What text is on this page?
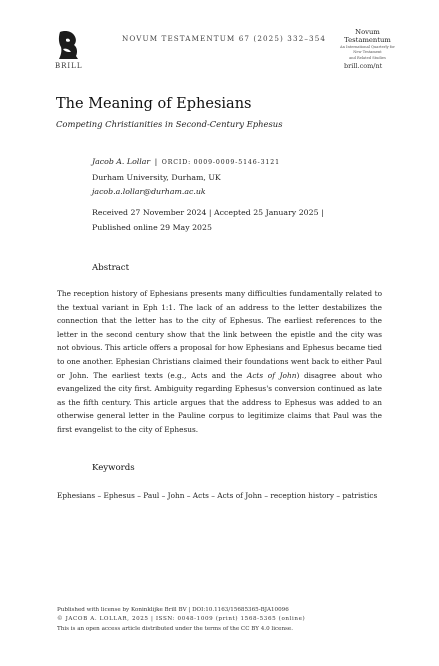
BRILL
NOVUM TESTAMENTUM 67 (2025) 332–354
Novum
Testamentum
An International Quarterly for
New Testament
and Related Studies
brill.com/nt
The Meaning of Ephesians
Competing Christianities in Second-Century Ephesus
Jacob A. Lollar | ORCID: 0009-0009-5146-3121
Durham University, Durham, UK
jacob.a.lollar@durham.ac.uk
Received 27 November 2024 | Accepted 25 January 2025 |
Published online 29 May 2025
Abstract
The reception history of Ephesians presents many difficulties fundamentally related to the textual variant in Eph 1:1. The lack of an address to the letter destabilizes the connection that the letter has to the city of Ephesus. The earliest references to the letter in the second century show that the link between the epistle and the city was not obvious. This article offers a proposal for how Ephesians and Ephesus became tied to one another. Ephesian Christians claimed their foundations went back to either Paul or John. The earliest texts (e.g., Acts and the Acts of John) disagree about who evangelized the city first. Ambiguity regarding Ephesus's conversion continued as late as the fifth century. This article argues that the address to Ephesus was added to an otherwise general letter in the Pauline corpus to legitimize claims that Paul was the first evangelist to the city of Ephesus.
Keywords
Ephesians – Ephesus – Paul – John – Acts – Acts of John – reception history – patristics
Published with license by Koninklijke Brill BV | DOI:10.1163/15685365-BJA10096
© JACOB A. LOLLAR, 2025 | ISSN: 0048-1009 (print) 1568-5365 (online)
This is an open access article distributed under the terms of the CC BY 4.0 license.
